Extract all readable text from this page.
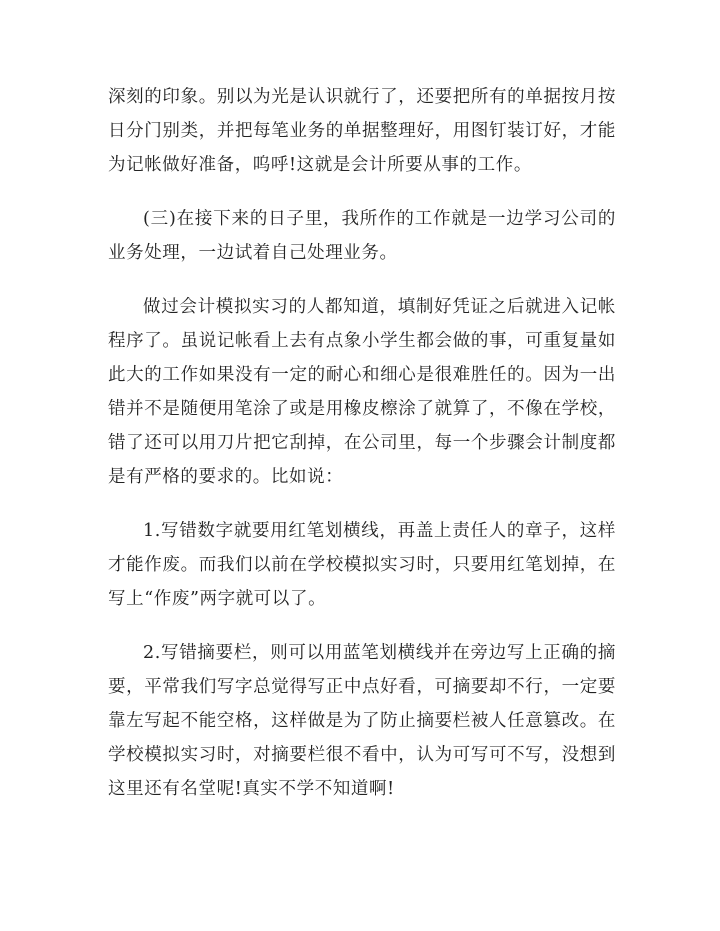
深刻的印象。别以为光是认识就行了，还要把所有的单据按月按日分门别类，并把每笔业务的单据整理好，用图钉装订好，才能为记帐做好准备，呜呼!这就是会计所要从事的工作。

(三)在接下来的日子里，我所作的工作就是一边学习公司的业务处理，一边试着自己处理业务。

做过会计模拟实习的人都知道，填制好凭证之后就进入记帐程序了。虽说记帐看上去有点象小学生都会做的事，可重复量如此大的工作如果没有一定的耐心和细心是很难胜任的。因为一出错并不是随便用笔涂了或是用橡皮檫涂了就算了，不像在学校，错了还可以用刀片把它刮掉，在公司里，每一个步骤会计制度都是有严格的要求的。比如说：

1.写错数字就要用红笔划横线，再盖上责任人的章子，这样才能作废。而我们以前在学校模拟实习时，只要用红笔划掉，在写上“作废”两字就可以了。

2.写错摘要栏，则可以用蓝笔划横线并在旁边写上正确的摘要，平常我们写字总觉得写正中点好看，可摘要却不行，一定要靠左写起不能空格，这样做是为了防止摘要栏被人任意篡改。在学校模拟实习时，对摘要栏很不看中，认为可写可不写，没想到这里还有名堂呢!真实不学不知道啊!
